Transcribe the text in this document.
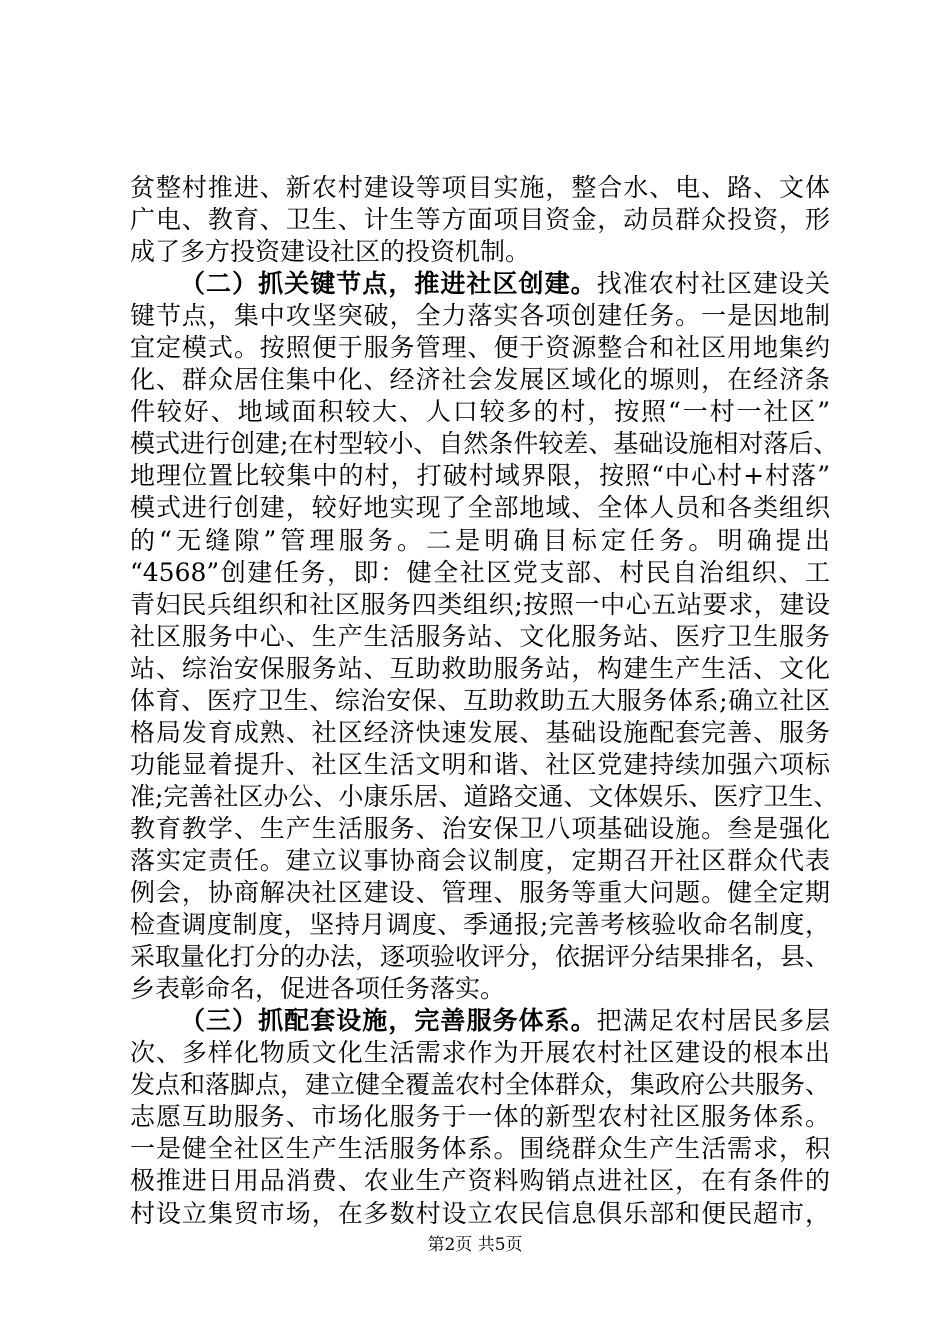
贫整村推进、新农村建设等项目实施，整合水、电、路、文体
广电、教育、卫生、计生等方面项目资金，动员群众投资，形
成了多方投资建设社区的投资机制。
（二）抓关键节点，推进社区创建。找准农村社区建设关
键节点，集中攻坚突破，全力落实各项创建任务。一是因地制
宜定模式。按照便于服务管理、便于资源整合和社区用地集约
化、群众居住集中化、经济社会发展区域化的塬则，在经济条
件较好、地域面积较大、人口较多的村，按照“一村一社区”
模式进行创建;在村型较小、自然条件较差、基础设施相对落后、
地理位置比较集中的村，打破村域界限，按照“中心村+村落”
模式进行创建，较好地实现了全部地域、全体人员和各类组织
的“无缝隙”管理服务。二是明确目标定任务。明确提出
“4568”创建任务，即：健全社区党支部、村民自治组织、工
青妇民兵组织和社区服务四类组织;按照一中心五站要求，建设
社区服务中心、生产生活服务站、文化服务站、医疗卫生服务
站、综治安保服务站、互助救助服务站，构建生产生活、文化
体育、医疗卫生、综治安保、互助救助五大服务体系;确立社区
格局发育成熟、社区经济快速发展、基础设施配套完善、服务
功能显着提升、社区生活文明和谐、社区党建持续加强六项标
准;完善社区办公、小康乐居、道路交通、文体娱乐、医疗卫生、
教育教学、生产生活服务、治安保卫八项基础设施。叁是强化
落实定责任。建立议事协商会议制度，定期召开社区群众代表
例会，协商解决社区建设、管理、服务等重大问题。健全定期
检查调度制度，坚持月调度、季通报;完善考核验收命名制度，
采取量化打分的办法，逐项验收评分，依据评分结果排名，县、
乡表彰命名，促进各项任务落实。
（三）抓配套设施，完善服务体系。把满足农村居民多层
次、多样化物质文化生活需求作为开展农村社区建设的根本出
发点和落脚点，建立健全覆盖农村全体群众，集政府公共服务、
志愿互助服务、市场化服务于一体的新型农村社区服务体系。
一是健全社区生产生活服务体系。围绕群众生产生活需求，积
极推进日用品消费、农业生产资料购销点进社区，在有条件的
村设立集贸市场，在多数村设立农民信息俱乐部和便民超市，
第2页 共5页
